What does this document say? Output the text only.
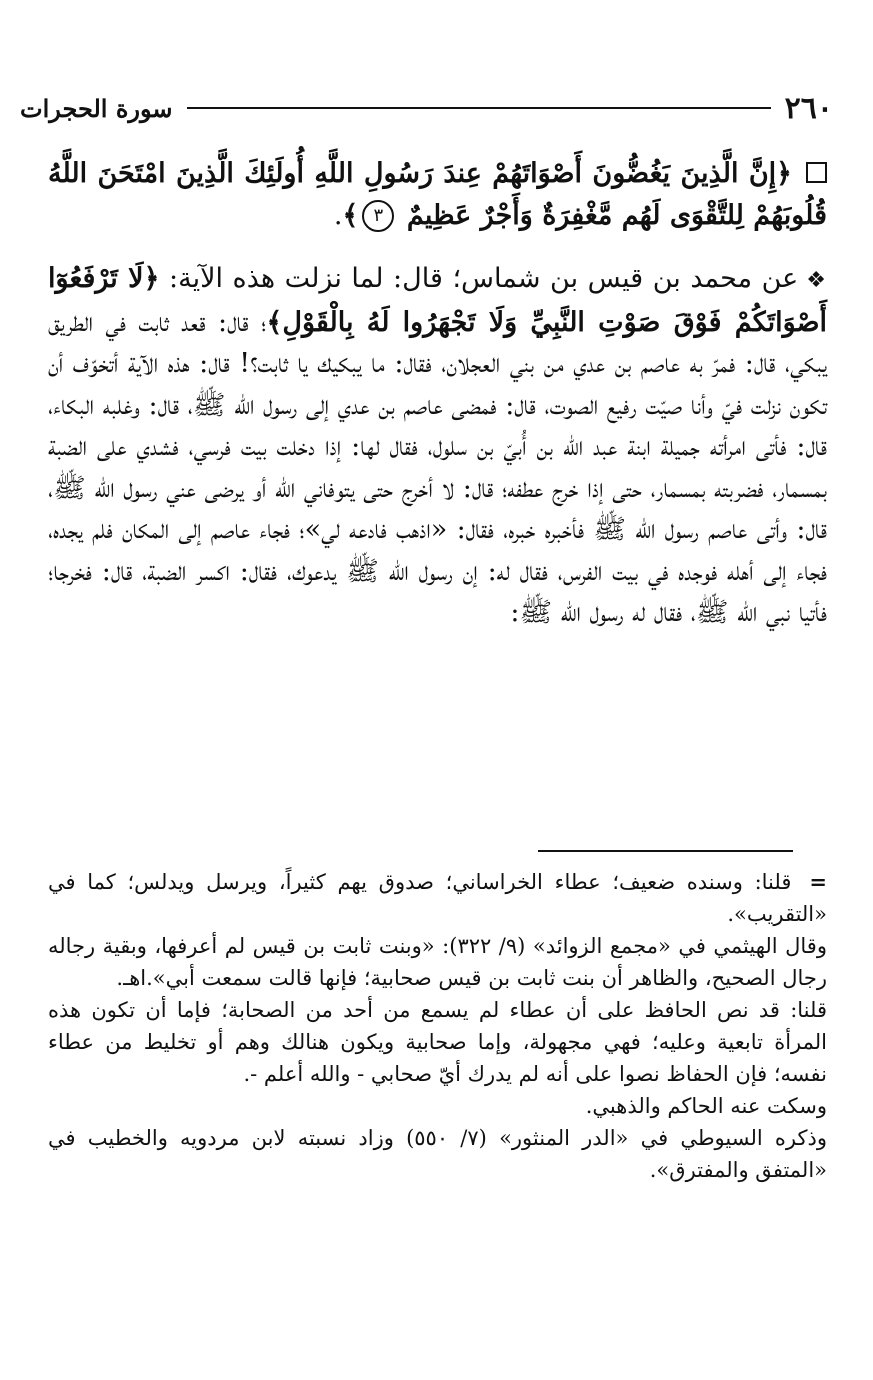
٢٦٠
سورة الحجرات

﴿إِنَّ الَّذِينَ يَغُضُّونَ أَصْوَاتَهُمْ عِندَ رَسُولِ اللَّهِ أُولَئِكَ الَّذِينَ امْتَحَنَ اللَّهُ قُلُوبَهُمْ لِلتَّقْوَى لَهُم مَّغْفِرَةٌ وَأَجْرٌ عَظِيمٌ ٣﴾.

❖عن محمد بن قيس بن شماس؛ قال: لما نزلت هذه الآية: ﴿لَا تَرْفَعُوٓا أَصْوَاتَكُمْ فَوْقَ صَوْتِ النَّبِيِّ وَلَا تَجْهَرُوا لَهُ بِالْقَوْلِ﴾؛ قال: قعد ثابت في الطريق يبكي، قال: فمرّ به عاصم بن عدي من بني العجلان، فقال: ما يبكيك يا ثابت؟! قال: هذه الآية أتخوّف أن تكون نزلت فيّ وأنا صيّت رفيع الصوت، قال: فمضى عاصم بن عدي إلى رسول الله ﷺ، قال: وغلبه البكاء، قال: فأتى امرأته جميلة ابنة عبد الله بن أُبيّ بن سلول، فقال لها: إذا دخلت بيت فرسي، فشدي على الضبة بمسمار، فضربته بمسمار، حتى إذا خرج عطفه؛ قال: لا أخرج حتى يتوفاني الله أو يرضى عني رسول الله ﷺ، قال: وأتى عاصم رسول الله ﷺ فأخبره خبره، فقال: «اذهب فادعه لي»؛ فجاء عاصم إلى المكان فلم يجده، فجاء إلى أهله فوجده في بيت الفرس، فقال له: إن رسول الله ﷺ يدعوك، فقال: اكسر الضبة، قال: فخرجا؛ فأتيا نبي الله ﷺ، فقال له رسول الله ﷺ:

=
قلنا: وسنده ضعيف؛ عطاء الخراساني؛ صدوق يهم كثيراً، ويرسل ويدلس؛ كما في «التقريب».

وقال الهيثمي في «مجمع الزوائد» (٩/ ٣٢٢): «وبنت ثابت بن قيس لم أعرفها، وبقية رجاله رجال الصحيح، والظاهر أن بنت ثابت بن قيس صحابية؛ فإنها قالت سمعت أبي».اهـ.

قلنا: قد نص الحافظ على أن عطاء لم يسمع من أحد من الصحابة؛ فإما أن تكون هذه المرأة تابعية وعليه؛ فهي مجهولة، وإما صحابية ويكون هنالك وهم أو تخليط من عطاء نفسه؛ فإن الحفاظ نصوا على أنه لم يدرك أيّ صحابي - والله أعلم -.

وسكت عنه الحاكم والذهبي.

وذكره السيوطي في «الدر المنثور» (٧/ ٥٥٠) وزاد نسبته لابن مردويه والخطيب في «المتفق والمفترق».
